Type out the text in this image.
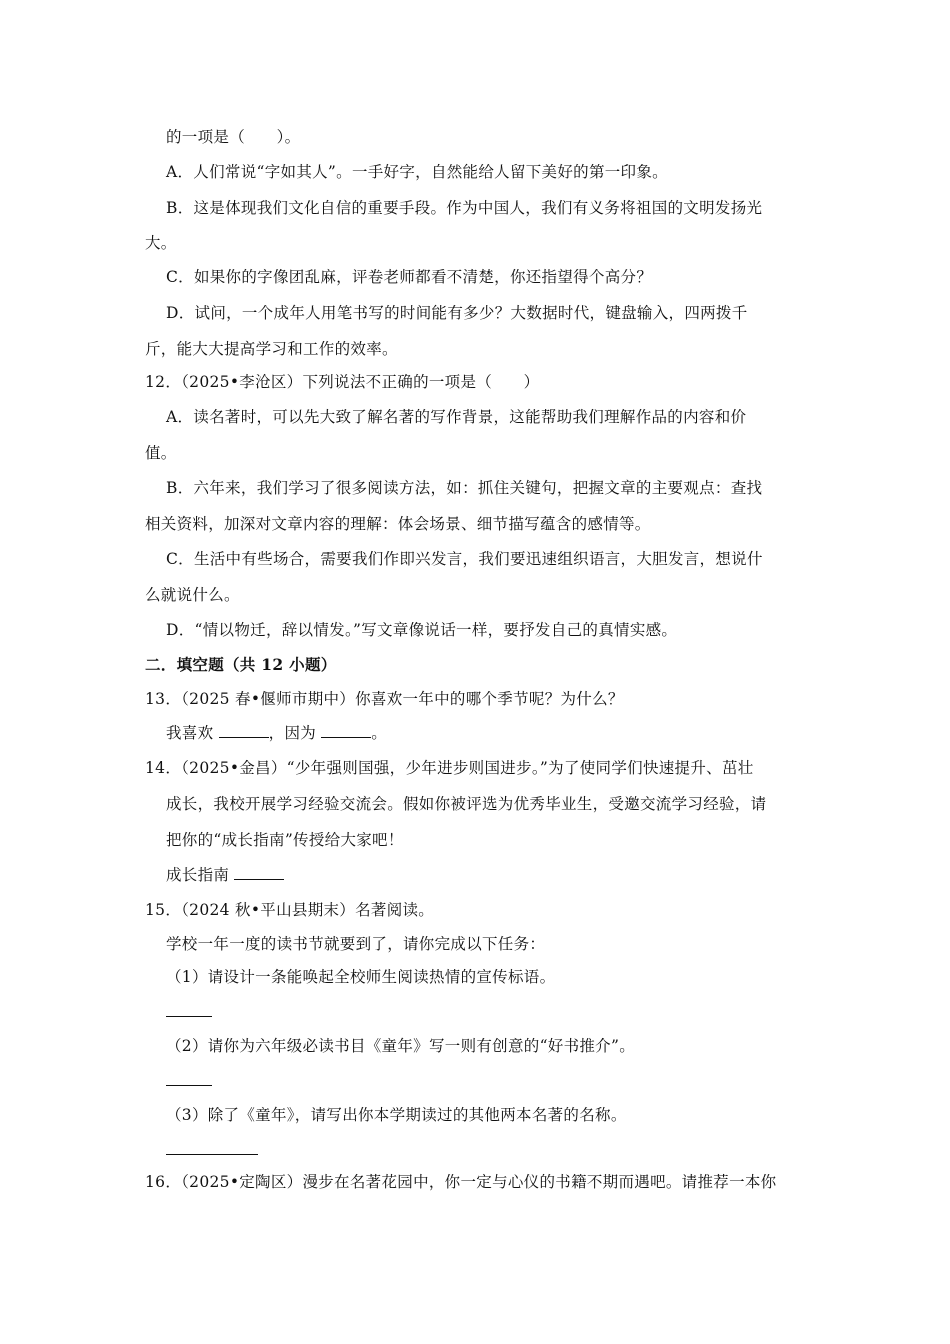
的一项是（　　）。
A．人们常说“字如其人”。一手好字，自然能给人留下美好的第一印象。
B．这是体现我们文化自信的重要手段。作为中国人，我们有义务将祖国的文明发扬光
大。
C．如果你的字像团乱麻，评卷老师都看不清楚，你还指望得个高分？
D．试问，一个成年人用笔书写的时间能有多少？大数据时代，键盘输入，四两拨千
斤，能大大提高学习和工作的效率。
12．（2025•李沧区）下列说法不正确的一项是（　　）
A．读名著时，可以先大致了解名著的写作背景，这能帮助我们理解作品的内容和价
值。
B．六年来，我们学习了很多阅读方法，如：抓住关键句，把握文章的主要观点：查找
相关资料，加深对文章内容的理解：体会场景、细节描写蕴含的感情等。
C．生活中有些场合，需要我们作即兴发言，我们要迅速组织语言，大胆发言，想说什
么就说什么。
D．“情以物迁，辞以情发。”写文章像说话一样，要抒发自己的真情实感。
二．填空题（共 12 小题）
13．（2025 春•偃师市期中）你喜欢一年中的哪个季节呢？为什么？
我喜欢	，因为	。
14．（2025•金昌）“少年强则国强，少年进步则国进步。”为了使同学们快速提升、茁壮
成长，我校开展学习经验交流会。假如你被评选为优秀毕业生，受邀交流学习经验，请
把你的“成长指南”传授给大家吧！
成长指南
15．（2024 秋•平山县期末）名著阅读。
学校一年一度的读书节就要到了，请你完成以下任务：
（1）请设计一条能唤起全校师生阅读热情的宣传标语。
（2）请你为六年级必读书目《童年》写一则有创意的“好书推介”。
（3）除了《童年》，请写出你本学期读过的其他两本名著的名称。
16．（2025•定陶区）漫步在名著花园中，你一定与心仪的书籍不期而遇吧。请推荐一本你
